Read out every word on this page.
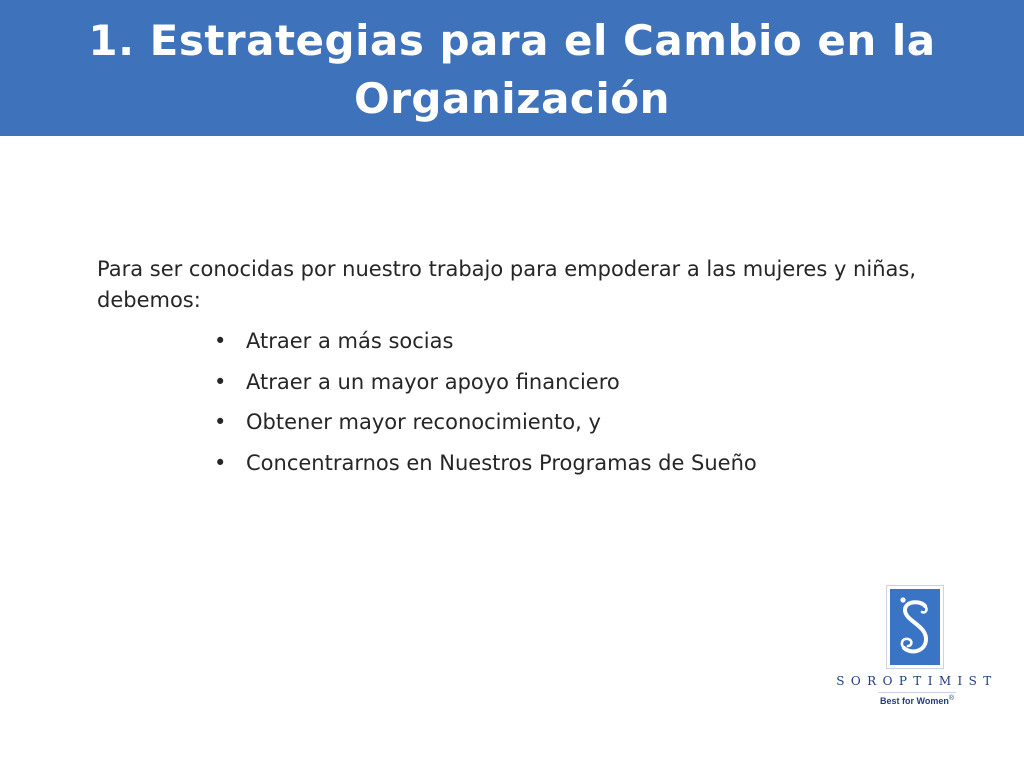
1. Estrategias para el Cambio en la Organización

Para ser conocidas por nuestro trabajo para empoderar a las mujeres y niñas, debemos:

• Atraer a más socias
• Atraer a un mayor apoyo financiero
• Obtener mayor reconocimiento, y
• Concentrarnos en Nuestros Programas de Sueño
SOROPTIMIST
Best for Women®
